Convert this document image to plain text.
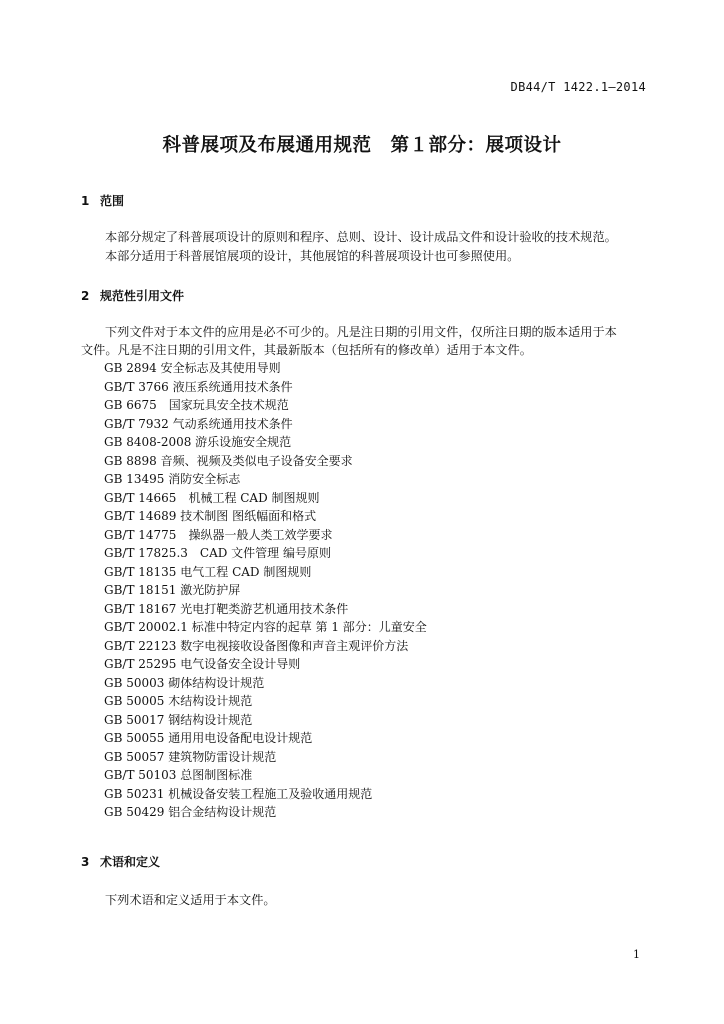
DB44/T 1422.1—2014
科普展项及布展通用规范　第１部分：展项设计
1 范围
本部分规定了科普展项设计的原则和程序、总则、设计、设计成品文件和设计验收的技术规范。
本部分适用于科普展馆展项的设计，其他展馆的科普展项设计也可参照使用。
2 规范性引用文件
下列文件对于本文件的应用是必不可少的。凡是注日期的引用文件，仅所注日期的版本适用于本
文件。凡是不注日期的引用文件，其最新版本（包括所有的修改单）适用于本文件。
GB 2894 安全标志及其使用导则
GB/T 3766 液压系统通用技术条件
GB 6675　国家玩具安全技术规范
GB/T 7932 气动系统通用技术条件
GB 8408-2008 游乐设施安全规范
GB 8898 音频、视频及类似电子设备安全要求
GB 13495 消防安全标志
GB/T 14665　机械工程 CAD 制图规则
GB/T 14689 技术制图 图纸幅面和格式
GB/T 14775　操纵器一般人类工效学要求
GB/T 17825.3　CAD 文件管理 编号原则
GB/T 18135 电气工程 CAD 制图规则
GB/T 18151 激光防护屏
GB/T 18167 光电打靶类游艺机通用技术条件
GB/T 20002.1 标准中特定内容的起草 第 1 部分：儿童安全
GB/T 22123 数字电视接收设备图像和声音主观评价方法
GB/T 25295 电气设备安全设计导则
GB 50003 砌体结构设计规范
GB 50005 木结构设计规范
GB 50017 钢结构设计规范
GB 50055 通用用电设备配电设计规范
GB 50057 建筑物防雷设计规范
GB/T 50103 总图制图标准
GB 50231 机械设备安装工程施工及验收通用规范
GB 50429 铝合金结构设计规范
3 术语和定义
下列术语和定义适用于本文件。
1
